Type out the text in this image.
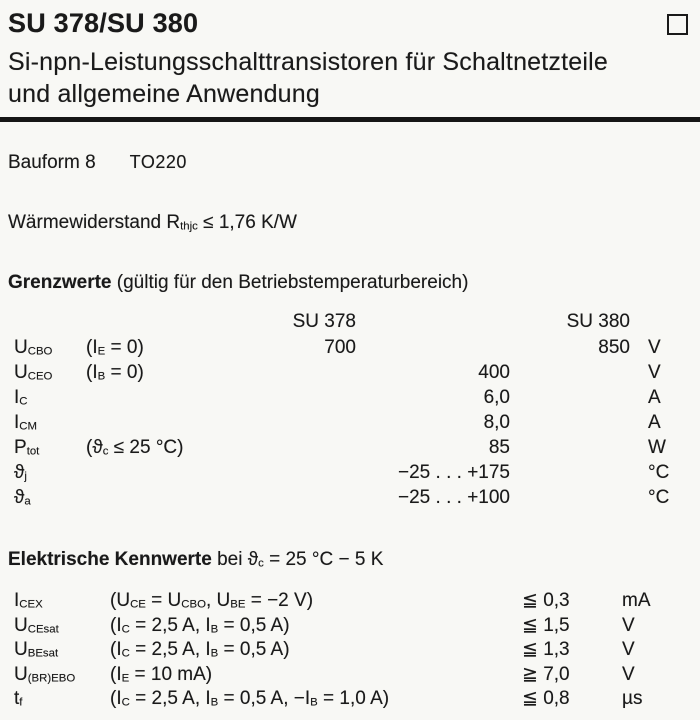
SU 378/SU 380
Si-npn-Leistungsschalttransistoren für Schaltnetzteile
und allgemeine Anwendung
Bauform 8 TO220
Wärmewiderstand $R_{thjc} \le 1,76$ K/W
Grenzwerte (gültig für den Betriebstemperaturbereich)
SU 378	SU 380
$U_{CBO}$	$(I_E = 0)$	700	850 V
$U_{CEO}$	$(I_B = 0)$	400	V
$I_C$	6,0	A
$I_{CM}$	8,0	A
$P_{tot}$	($ϑ_c \le 25$ °C)	85	W
$ϑ_j$	−25 . . . +175	°C
$ϑ_a$	−25 . . . +100	°C
Elektrische Kennwerte bei $ϑ_c = 25$ °C − 5 K
$I_{CEX}$	($U_{CE} = U_{CBO}$, $U_{BE} = -2$ V)	≦ 0,3	mA
$U_{CEsat}$	($I_C = 2,5$ A, $I_B = 0,5$ A)	≦ 1,5	V
$U_{BEsat}$	($I_C = 2,5$ A, $I_B = 0,5$ A)	≦ 1,3	V
$U_{(BR)EBO}$	($I_E = 10$ mA)	≧ 7,0	V
$t_f$	($I_C = 2,5$ A, $I_B = 0,5$ A, $-I_B = 1,0$ A)	≦ 0,8	µs
